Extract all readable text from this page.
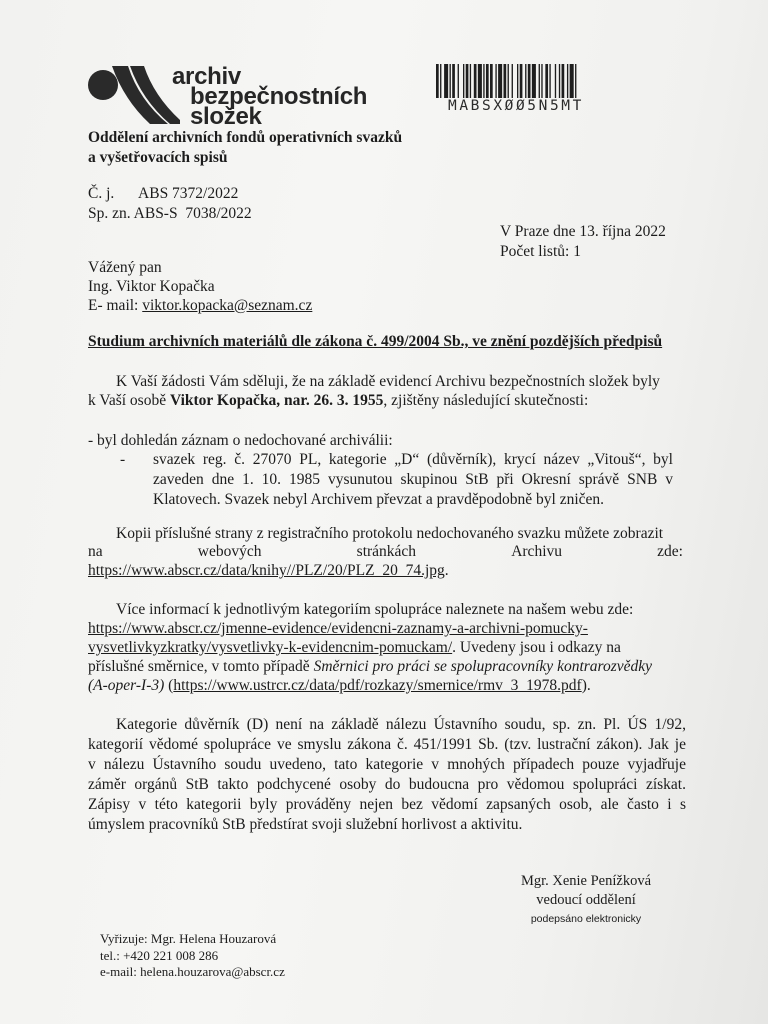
archiv
bezpečnostních
složek
Oddělení archivních fondů operativních svazků
a vyšetřovacích spisů
MABSXØØ5N5MT
Č. j. ABS 7372/2022
Sp. zn. ABS-S  7038/2022
V Praze dne 13. října 2022
Počet listů: 1
Vážený pan
Ing. Viktor Kopačka
E- mail: viktor.kopacka@seznam.cz
Studium archivních materiálů dle zákona č. 499/2004 Sb., ve znění pozdějších předpisů
K Vaší žádosti Vám sděluji, že na základě evidencí Archivu bezpečnostních složek byly
k Vaší osobě Viktor Kopačka, nar. 26. 3. 1955, zjištěny následující skutečnosti:
- byl dohledán záznam o nedochované archiválii:
- svazek reg. č. 27070 PL, kategorie „D“ (důvěrník), krycí název „Vitouš“, byl
zaveden dne 1. 10. 1985 vysunutou skupinou StB při Okresní správě SNB v
Klatovech. Svazek nebyl Archivem převzat a pravděpodobně byl zničen.
Kopii příslušné strany z registračního protokolu nedochovaného svazku můžete zobrazit
na	webových	stránkách	Archivu	zde:
https://www.abscr.cz/data/knihy//PLZ/20/PLZ_20_74.jpg.
Více informací k jednotlivým kategoriím spolupráce naleznete na našem webu zde:
https://www.abscr.cz/jmenne-evidence/evidencni-zaznamy-a-archivni-pomucky-
vysvetlivkyzkratky/vysvetlivky-k-evidencnim-pomuckam/. Uvedeny jsou i odkazy na
příslušné směrnice, v tomto případě Směrnici pro práci se spolupracovníky kontrarozvědky
(A-oper-I-3) (https://www.ustrcr.cz/data/pdf/rozkazy/smernice/rmv_3_1978.pdf).
Kategorie důvěrník (D) není na základě nálezu Ústavního soudu, sp. zn. Pl. ÚS 1/92,
kategorií vědomé spolupráce ve smyslu zákona č. 451/1991 Sb. (tzv. lustrační zákon). Jak je
v nálezu Ústavního soudu uvedeno, tato kategorie v mnohých případech pouze vyjadřuje
záměr orgánů StB takto podchycené osoby do budoucna pro vědomou spolupráci získat.
Zápisy v této kategorii byly prováděny nejen bez vědomí zapsaných osob, ale často i s
úmyslem pracovníků StB předstírat svoji služební horlivost a aktivitu.
Mgr. Xenie Penížková
vedoucí oddělení
podepsáno elektronicky
Vyřizuje: Mgr. Helena Houzarová
tel.: +420 221 008 286
e-mail: helena.houzarova@abscr.cz
